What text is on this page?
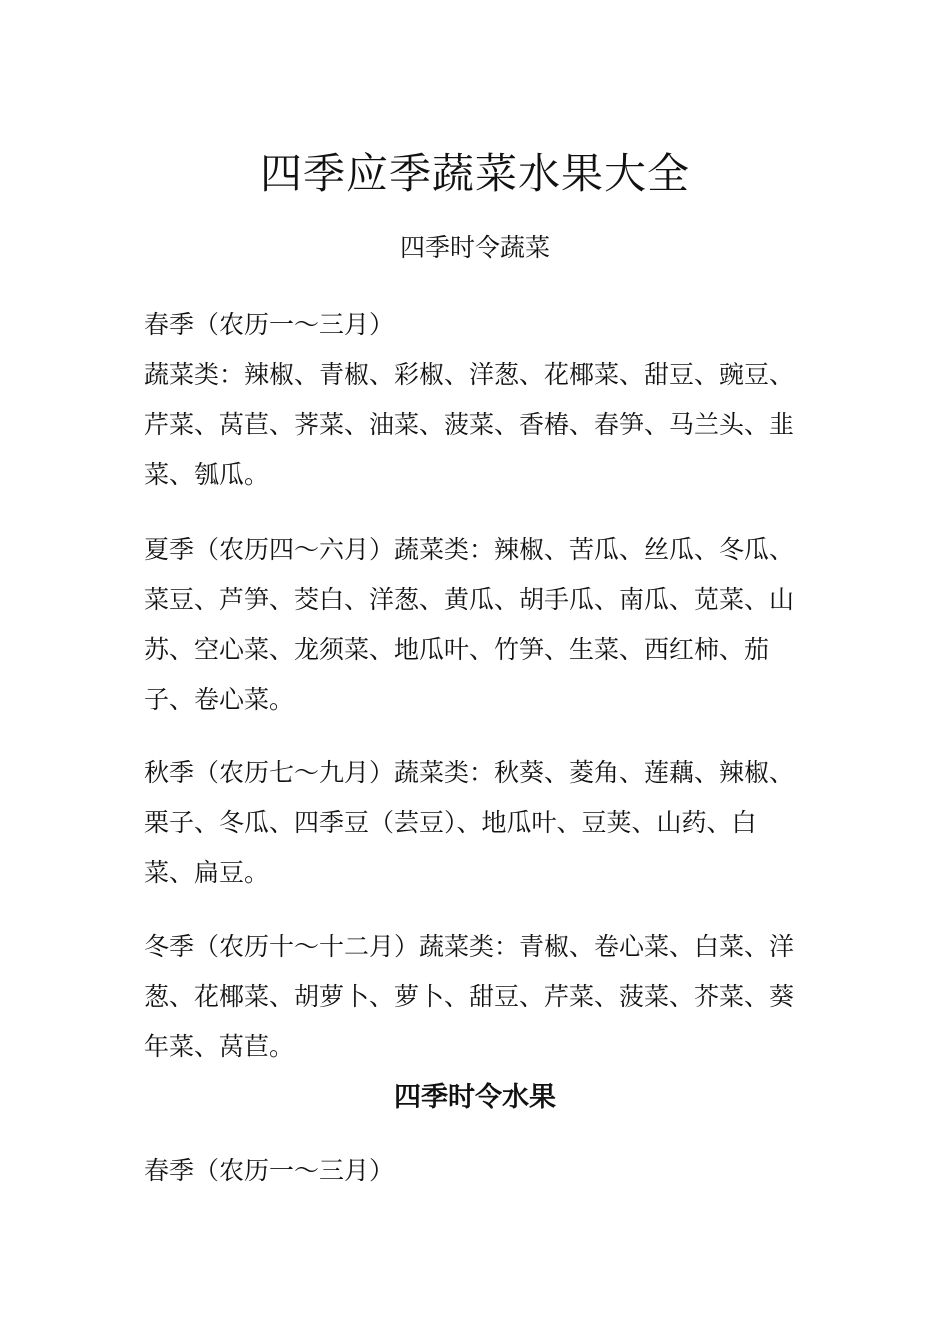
四季应季蔬菜水果大全
四季时令蔬菜

春季（农历一～三月）

蔬菜类：辣椒、青椒、彩椒、洋葱、花椰菜、甜豆、豌豆、芹菜、莴苣、荠菜、油菜、菠菜、香椿、春笋、马兰头、韭菜、瓠瓜。

夏季（农历四～六月）蔬菜类：辣椒、苦瓜、丝瓜、冬瓜、菜豆、芦笋、茭白、洋葱、黄瓜、胡手瓜、南瓜、苋菜、山苏、空心菜、龙须菜、地瓜叶、竹笋、生菜、西红柿、茄子、卷心菜。

秋季（农历七～九月）蔬菜类：秋葵、菱角、莲藕、辣椒、栗子、冬瓜、四季豆（芸豆）、地瓜叶、豆荚、山药、白菜、扁豆。

冬季（农历十～十二月）蔬菜类：青椒、卷心菜、白菜、洋葱、花椰菜、胡萝卜、萝卜、甜豆、芹菜、菠菜、芥菜、葵年菜、莴苣。

四季时令水果

春季（农历一～三月）
